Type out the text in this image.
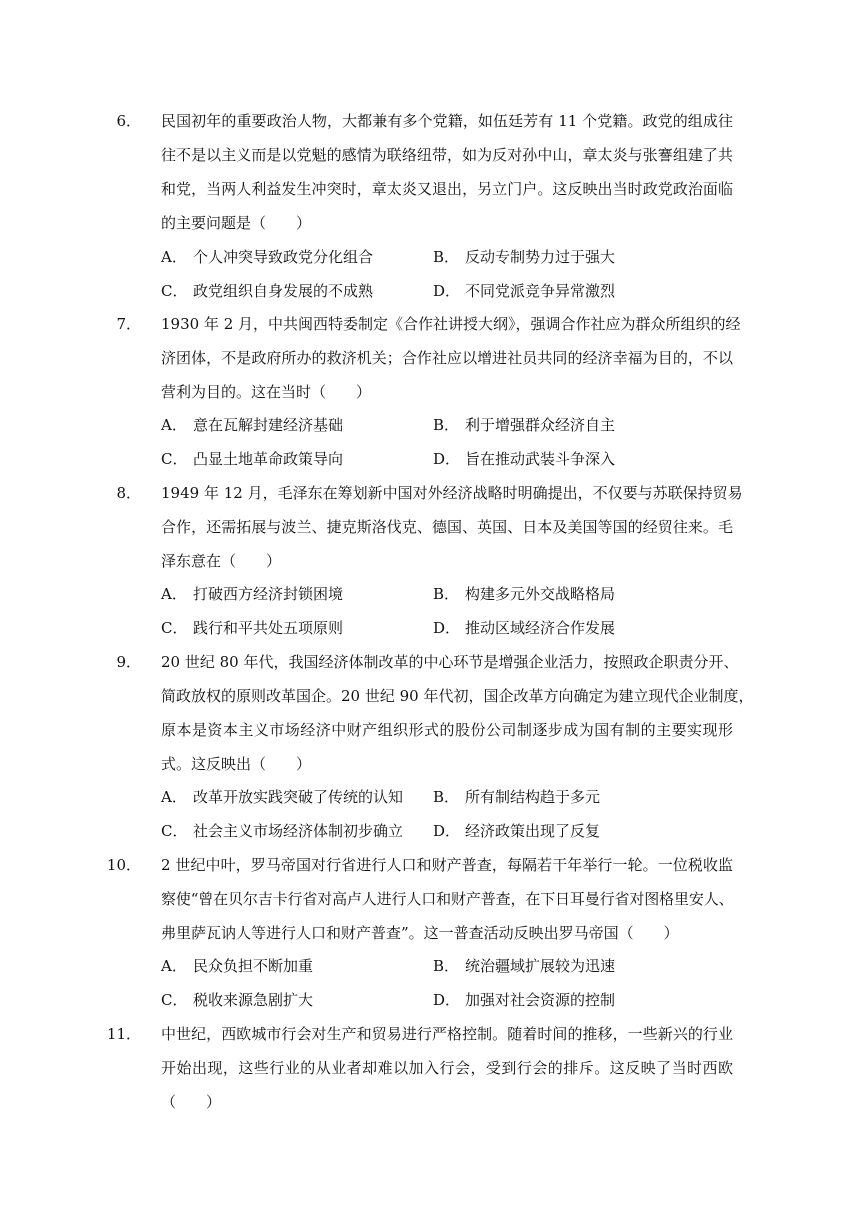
6． 民国初年的重要政治人物，大都兼有多个党籍，如伍廷芳有 11 个党籍。政党的组成往
往不是以主义而是以党魁的感情为联络纽带，如为反对孙中山，章太炎与张謇组建了共
和党，当两人利益发生冲突时，章太炎又退出，另立门户。这反映出当时政党政治面临
的主要问题是（　　）
A． 个人冲突导致政党分化组合	B． 反动专制势力过于强大
C． 政党组织自身发展的不成熟	D． 不同党派竞争异常激烈
7． 1930 年 2 月，中共闽西特委制定《合作社讲授大纲》，强调合作社应为群众所组织的经
济团体，不是政府所办的救济机关；合作社应以增进社员共同的经济幸福为目的，不以
营利为目的。这在当时（　　）
A． 意在瓦解封建经济基础	B． 利于增强群众经济自主
C． 凸显土地革命政策导向	D． 旨在推动武装斗争深入
8． 1949 年 12 月，毛泽东在筹划新中国对外经济战略时明确提出，不仅要与苏联保持贸易
合作，还需拓展与波兰、捷克斯洛伐克、德国、英国、日本及美国等国的经贸往来。毛
泽东意在（　　）
A． 打破西方经济封锁困境	B． 构建多元外交战略格局
C． 践行和平共处五项原则	D． 推动区域经济合作发展
9． 20 世纪 80 年代，我国经济体制改革的中心环节是增强企业活力，按照政企职责分开、
简政放权的原则改革国企。20 世纪 90 年代初，国企改革方向确定为建立现代企业制度，
原本是资本主义市场经济中财产组织形式的股份公司制逐步成为国有制的主要实现形
式。这反映出（　　）
A． 改革开放实践突破了传统的认知 B． 所有制结构趋于多元
C． 社会主义市场经济体制初步确立 D． 经济政策出现了反复
10． 2 世纪中叶，罗马帝国对行省进行人口和财产普查，每隔若干年举行一轮。一位税收监
察使“曾在贝尔吉卡行省对高卢人进行人口和财产普查，在下日耳曼行省对图格里安人、
弗里萨瓦讷人等进行人口和财产普查”。这一普查活动反映出罗马帝国（　　）
A． 民众负担不断加重	B． 统治疆域扩展较为迅速
C． 税收来源急剧扩大	D． 加强对社会资源的控制
11． 中世纪，西欧城市行会对生产和贸易进行严格控制。随着时间的推移，一些新兴的行业
开始出现，这些行业的从业者却难以加入行会，受到行会的排斥。这反映了当时西欧
（　　）
